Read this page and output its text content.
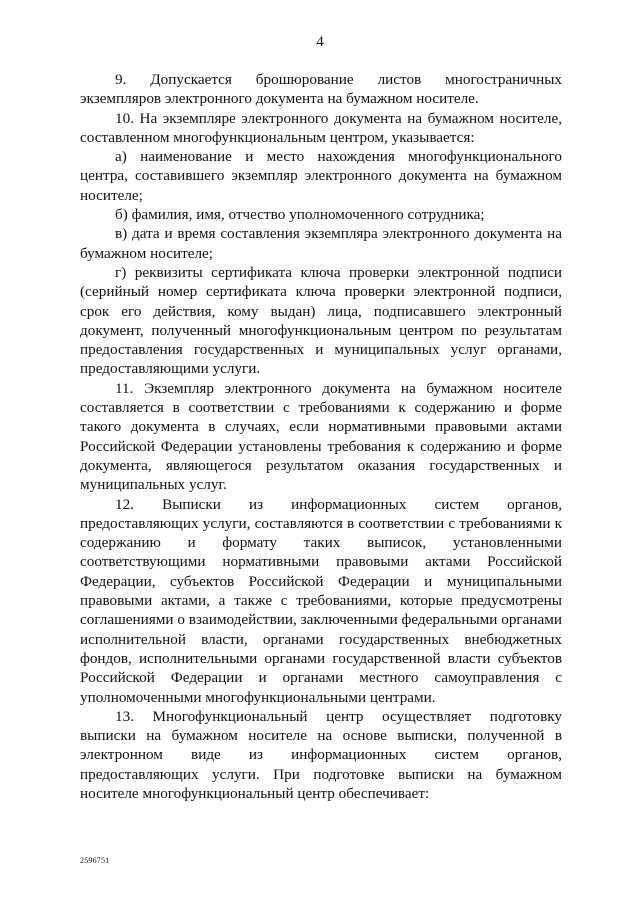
4

9. Допускается брошюрование листов многостраничных экземпляров электронного документа на бумажном носителе.

10. На экземпляре электронного документа на бумажном носителе, составленном многофункциональным центром, указывается:

а) наименование и место нахождения многофункционального центра, составившего экземпляр электронного документа на бумажном носителе;

б) фамилия, имя, отчество уполномоченного сотрудника;

в) дата и время составления экземпляра электронного документа на бумажном носителе;

г) реквизиты сертификата ключа проверки электронной подписи (серийный номер сертификата ключа проверки электронной подписи, срок его действия, кому выдан) лица, подписавшего электронный документ, полученный многофункциональным центром по результатам предоставления государственных и муниципальных услуг органами, предоставляющими услуги.

11. Экземпляр электронного документа на бумажном носителе составляется в соответствии с требованиями к содержанию и форме такого документа в случаях, если нормативными правовыми актами Российской Федерации установлены требования к содержанию и форме документа, являющегося результатом оказания государственных и муниципальных услуг.

12. Выписки из информационных систем органов, предоставляющих услуги, составляются в соответствии с требованиями к содержанию и формату таких выписок, установленными соответствующими нормативными правовыми актами Российской Федерации, субъектов Российской Федерации и муниципальными правовыми актами, а также с требованиями, которые предусмотрены соглашениями о взаимодействии, заключенными федеральными органами исполнительной власти, органами государственных внебюджетных фондов, исполнительными органами государственной власти субъектов Российской Федерации и органами местного самоуправления с уполномоченными многофункциональными центрами.

13. Многофункциональный центр осуществляет подготовку выписки на бумажном носителе на основе выписки, полученной в электронном виде из информационных систем органов, предоставляющих услуги. При подготовке выписки на бумажном носителе многофункциональный центр обеспечивает:

2596751
